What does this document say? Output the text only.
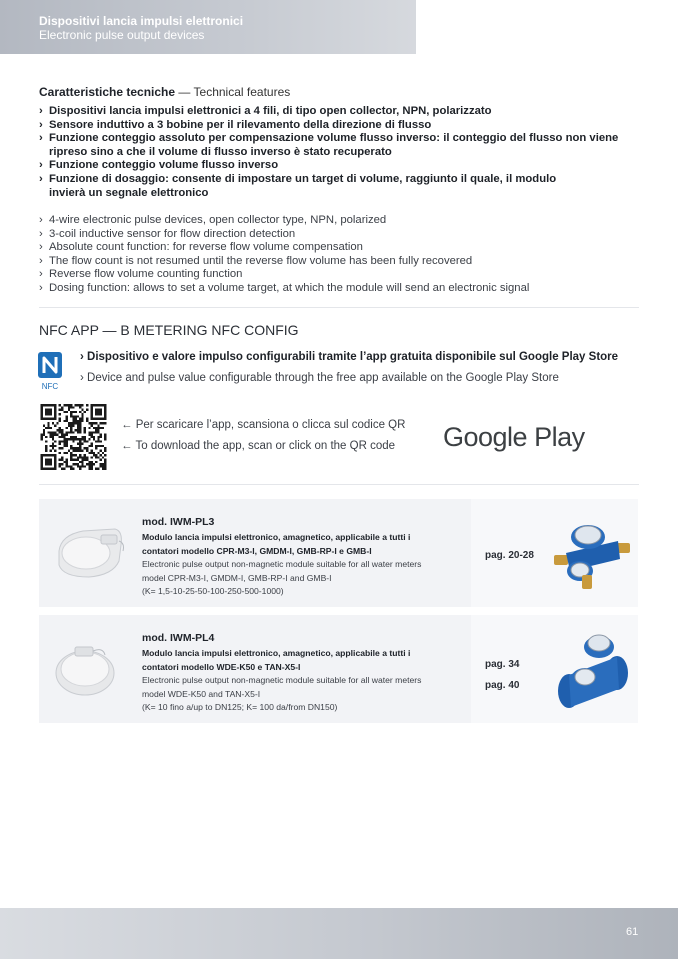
Dispositivi lancia impulsi elettronici
Electronic pulse output devices
Caratteristiche tecniche — Technical features
› Dispositivi lancia impulsi elettronici a 4 fili, di tipo open collector, NPN, polarizzato
› Sensore induttivo a 3 bobine per il rilevamento della direzione di flusso
› Funzione conteggio assoluto per compensazione volume flusso inverso: il conteggio del flusso non viene ripreso sino a che il volume di flusso inverso è stato recuperato
› Funzione conteggio volume flusso inverso
› Funzione di dosaggio: consente di impostare un target di volume, raggiunto il quale, il modulo invierà un segnale elettronico
› 4-wire electronic pulse devices, open collector type, NPN, polarized
› 3-coil inductive sensor for flow direction detection
› Absolute count function: for reverse flow volume compensation
› The flow count is not resumed until the reverse flow volume has been fully recovered
› Reverse flow volume counting function
› Dosing function: allows to set a volume target, at which the module will send an electronic signal
NFC APP — B METERING NFC CONFIG
NFC
› Dispositivo e valore impulso configurabili tramite l’app gratuita disponibile sul Google Play Store
› Device and pulse value configurable through the free app available on the Google Play Store
← Per scaricare l’app, scansiona o clicca sul codice QR
← To download the app, scan or click on the QR code Google Play
mod. IWM-PL3
Modulo lancia impulsi elettronico, amagnetico, applicabile a tutti i contatori modello CPR-M3-I, GMDM-I, GMB-RP-I e GMB-I
Electronic pulse output non-magnetic module suitable for all water meters model CPR-M3-I, GMDM-I, GMB-RP-I and GMB-I
(K= 1,5-10-25-50-100-250-500-1000)
pag. 20-28
mod. IWM-PL4
Modulo lancia impulsi elettronico, amagnetico, applicabile a tutti i contatori modello WDE-K50 e TAN-X5-I
Electronic pulse output non-magnetic module suitable for all water meters model WDE-K50 and TAN-X5-I
(K= 10 fino a/up to DN125; K= 100 da/from DN150)
pag. 34
pag. 40
61
